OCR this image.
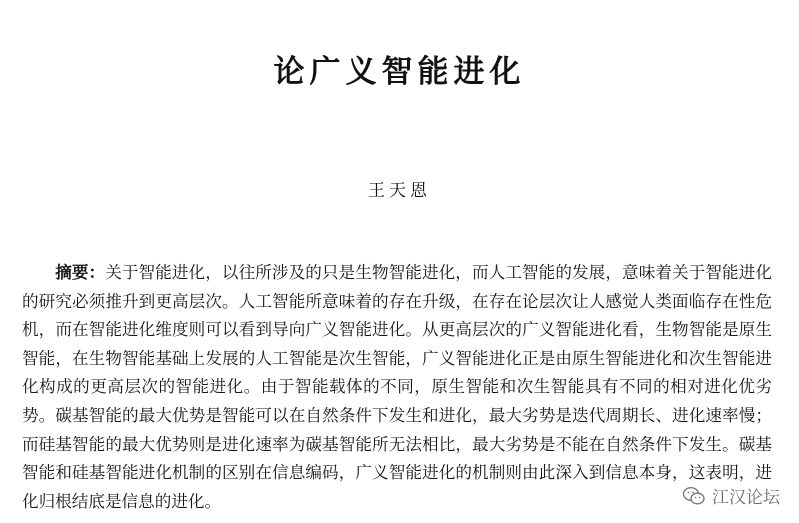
论广义智能进化
王天恩
摘要：关于智能进化，以往所涉及的只是生物智能进化，而人工智能的发展，意味着关于智能进化的研究必须推升到更高层次。人工智能所意味着的存在升级，在存在论层次让人感觉人类面临存在性危机，而在智能进化维度则可以看到导向广义智能进化。从更高层次的广义智能进化看，生物智能是原生智能，在生物智能基础上发展的人工智能是次生智能，广义智能进化正是由原生智能进化和次生智能进化构成的更高层次的智能进化。由于智能载体的不同，原生智能和次生智能具有不同的相对进化优劣势。碳基智能的最大优势是智能可以在自然条件下发生和进化，最大劣势是迭代周期长、进化速率慢；而硅基智能的最大优势则是进化速率为碳基智能所无法相比，最大劣势是不能在自然条件下发生。碳基智能和硅基智能进化机制的区别在信息编码，广义智能进化的机制则由此深入到信息本身，这表明，进化归根结底是信息的进化。	江汉论坛
